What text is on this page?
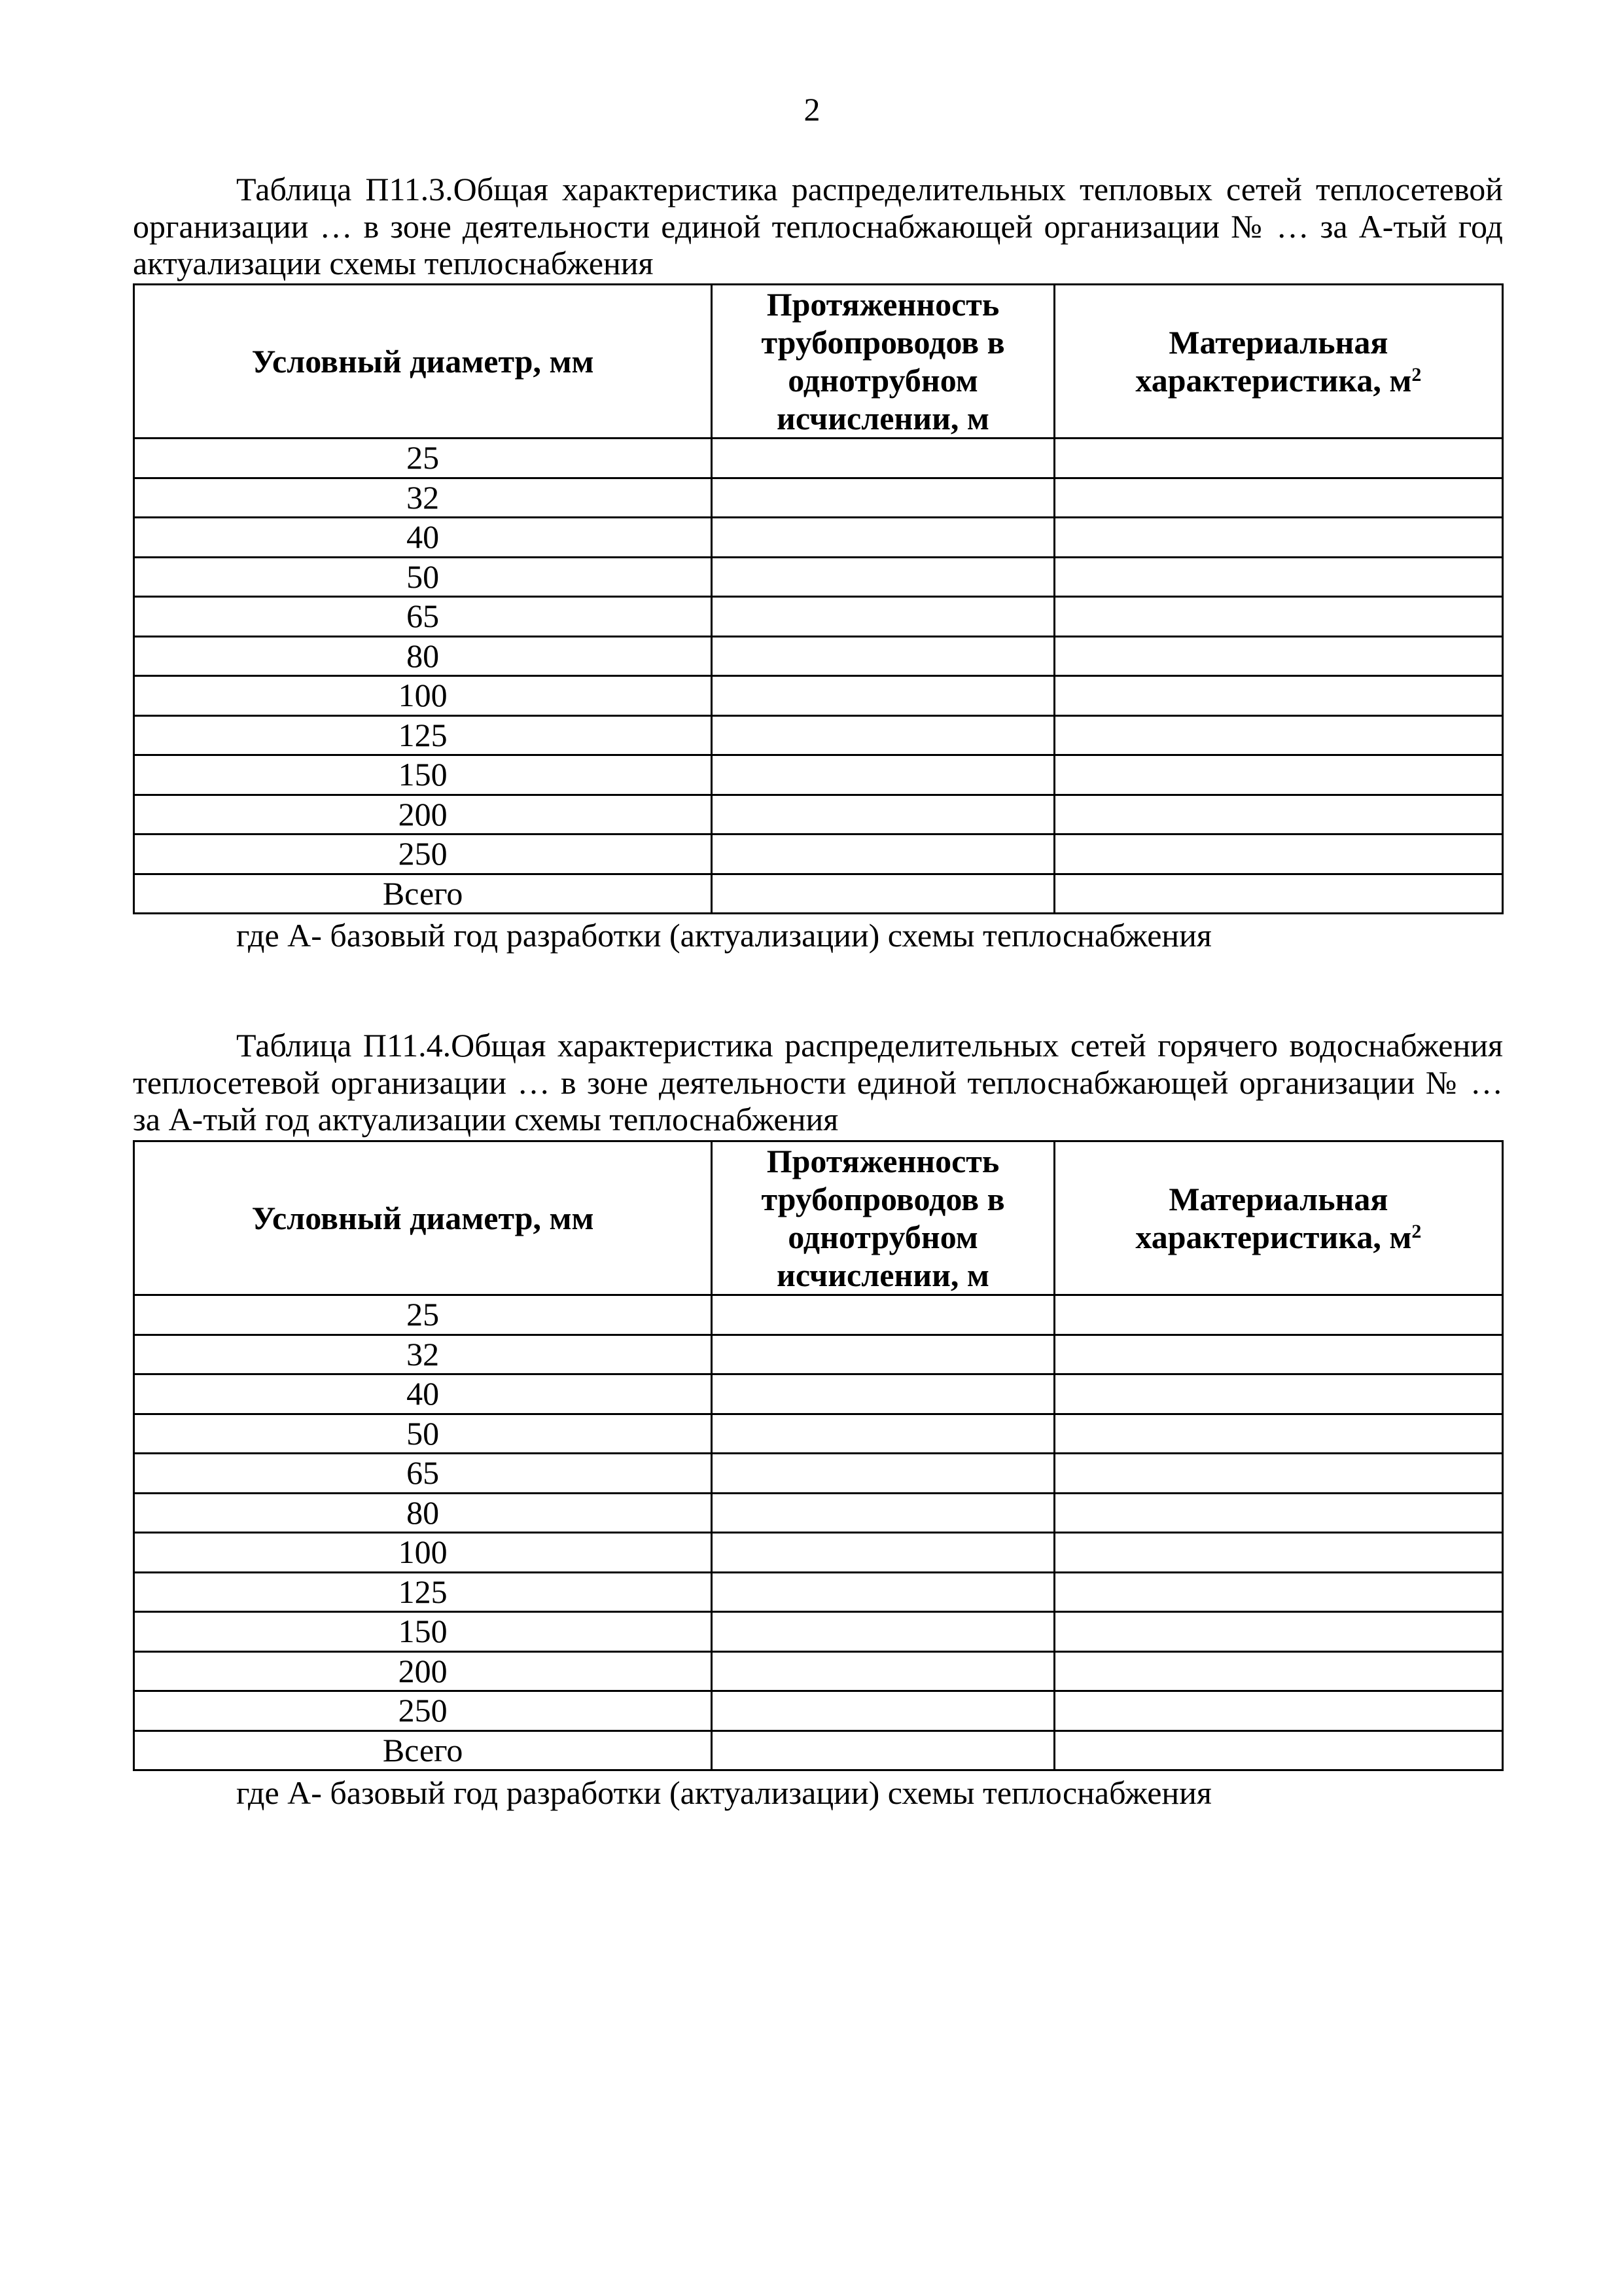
2
Таблица П11.3.Общая характеристика распределительных тепловых сетей теплосетевой организации … в зоне деятельности единой теплоснабжающей организации № … за А-тый год актуализации схемы теплоснабжения
Условный диаметр, мм	Протяженность трубопроводов в однотрубном исчислении, м	Материальная характеристика, $м^2$
25		
32		
40		
50		
65		
80		
100		
125		
150		
200		
250		
Всего		
где А- базовый год разработки (актуализации) схемы теплоснабжения
Таблица П11.4.Общая характеристика распределительных сетей горячего водоснабжения теплосетевой организации … в зоне деятельности единой теплоснабжающей организации № … за А-тый год актуализации схемы теплоснабжения
Условный диаметр, мм	Протяженность трубопроводов в однотрубном исчислении, м	Материальная характеристика, $м^2$
25		
32		
40		
50		
65		
80		
100		
125		
150		
200		
250		
Всего		
где А- базовый год разработки (актуализации) схемы теплоснабжения
